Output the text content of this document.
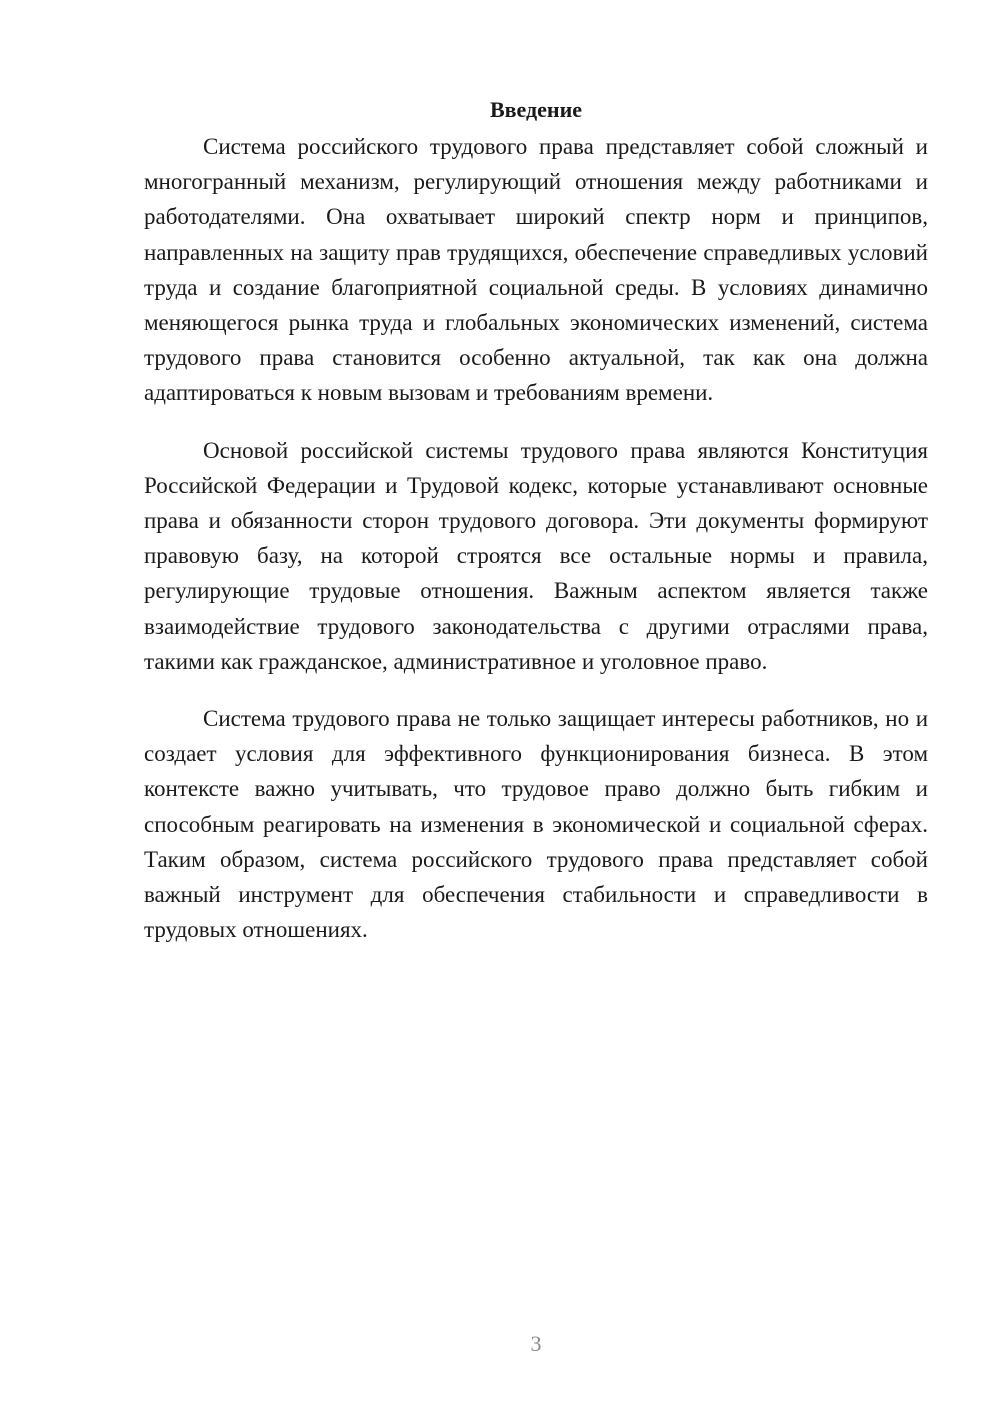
Введение

Система российского трудового права представляет собой сложный и многогранный механизм, регулирующий отношения между работниками и работодателями. Она охватывает широкий спектр норм и принципов, направленных на защиту прав трудящихся, обеспечение справедливых условий труда и создание благоприятной социальной среды. В условиях динамично меняющегося рынка труда и глобальных экономических изменений, система трудового права становится особенно актуальной, так как она должна адаптироваться к новым вызовам и требованиям времени.

Основой российской системы трудового права являются Конституция Российской Федерации и Трудовой кодекс, которые устанавливают основные права и обязанности сторон трудового договора. Эти документы формируют правовую базу, на которой строятся все остальные нормы и правила, регулирующие трудовые отношения. Важным аспектом является также взаимодействие трудового законодательства с другими отраслями права, такими как гражданское, административное и уголовное право.

Система трудового права не только защищает интересы работников, но и создает условия для эффективного функционирования бизнеса. В этом контексте важно учитывать, что трудовое право должно быть гибким и способным реагировать на изменения в экономической и социальной сферах. Таким образом, система российского трудового права представляет собой важный инструмент для обеспечения стабильности и справедливости в трудовых отношениях.

3
